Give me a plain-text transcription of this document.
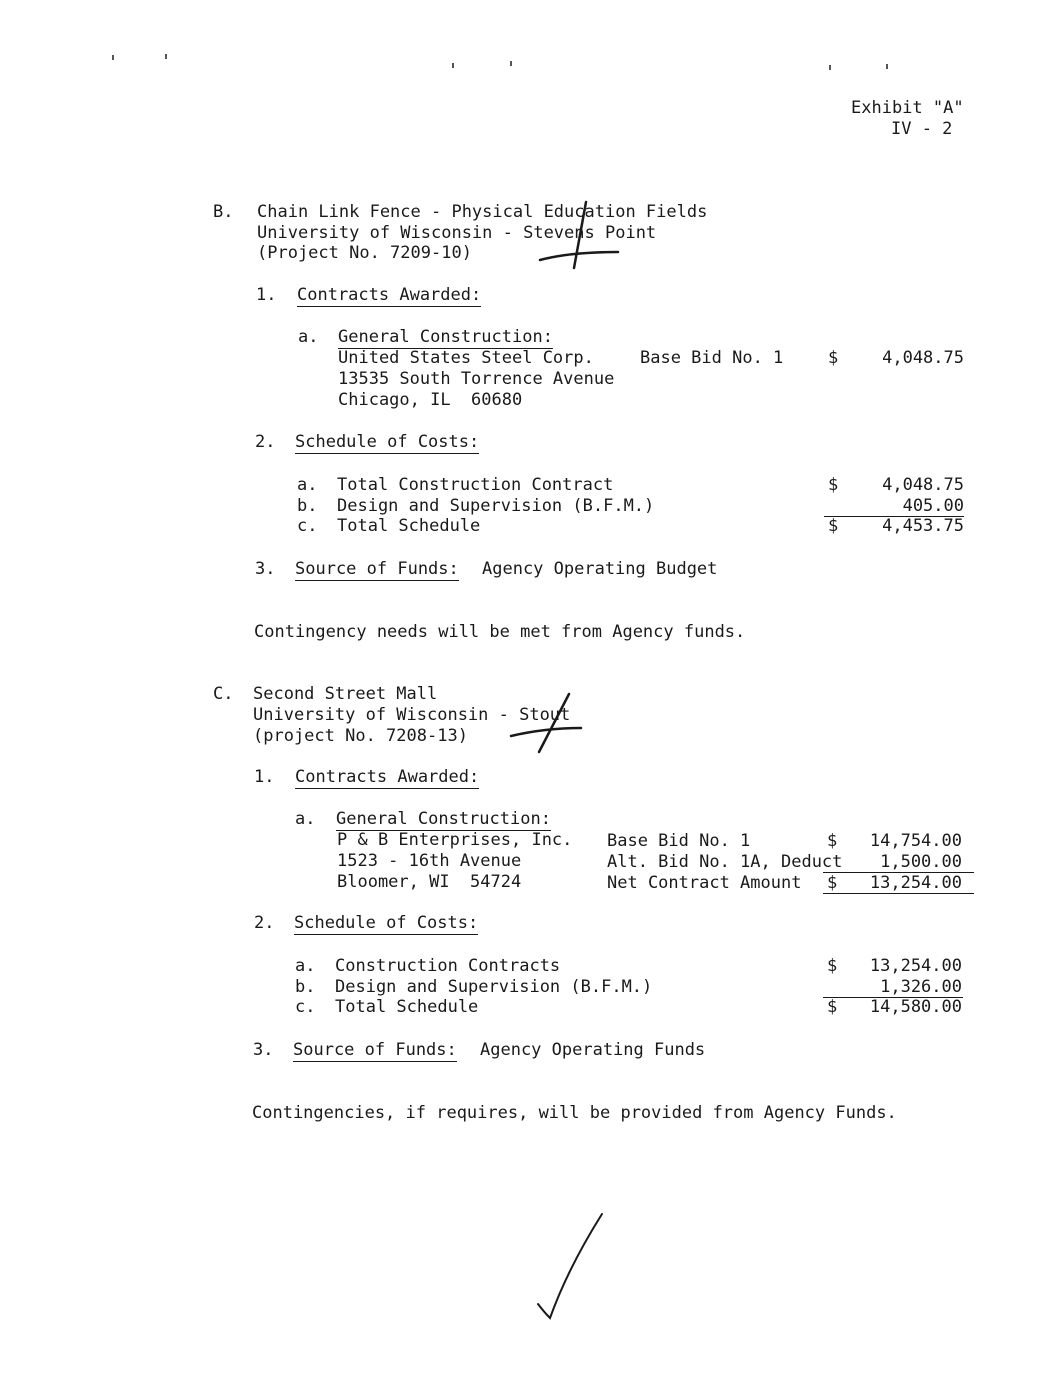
Exhibit "A"
IV - 2
B. Chain Link Fence - Physical Education Fields
University of Wisconsin - Stevens Point
(Project No. 7209-10)
1. Contracts Awarded:
a. General Construction:
United States Steel Corp.
13535 South Torrence Avenue
Chicago, IL  60680
Base Bid No. 1	$	4,048.75
2. Schedule of Costs:
a. Total Construction Contract	$	4,048.75
b. Design and Supervision (B.F.M.)	405.00
c. Total Schedule	$	4,453.75
3. Source of Funds: Agency Operating Budget
Contingency needs will be met from Agency funds.
C. Second Street Mall
University of Wisconsin - Stout
(project No. 7208-13)
1. Contracts Awarded:
a. General Construction:
P & B Enterprises, Inc.
1523 - 16th Avenue
Bloomer, WI  54724
Base Bid No. 1	$	14,754.00
Alt. Bid No. 1A, Deduct	1,500.00
Net Contract Amount $	13,254.00
2. Schedule of Costs:
a. Construction Contracts	$	13,254.00
b. Design and Supervision (B.F.M.)	1,326.00
c. Total Schedule	$	14,580.00
3. Source of Funds: Agency Operating Funds
Contingencies, if requires, will be provided from Agency Funds.
